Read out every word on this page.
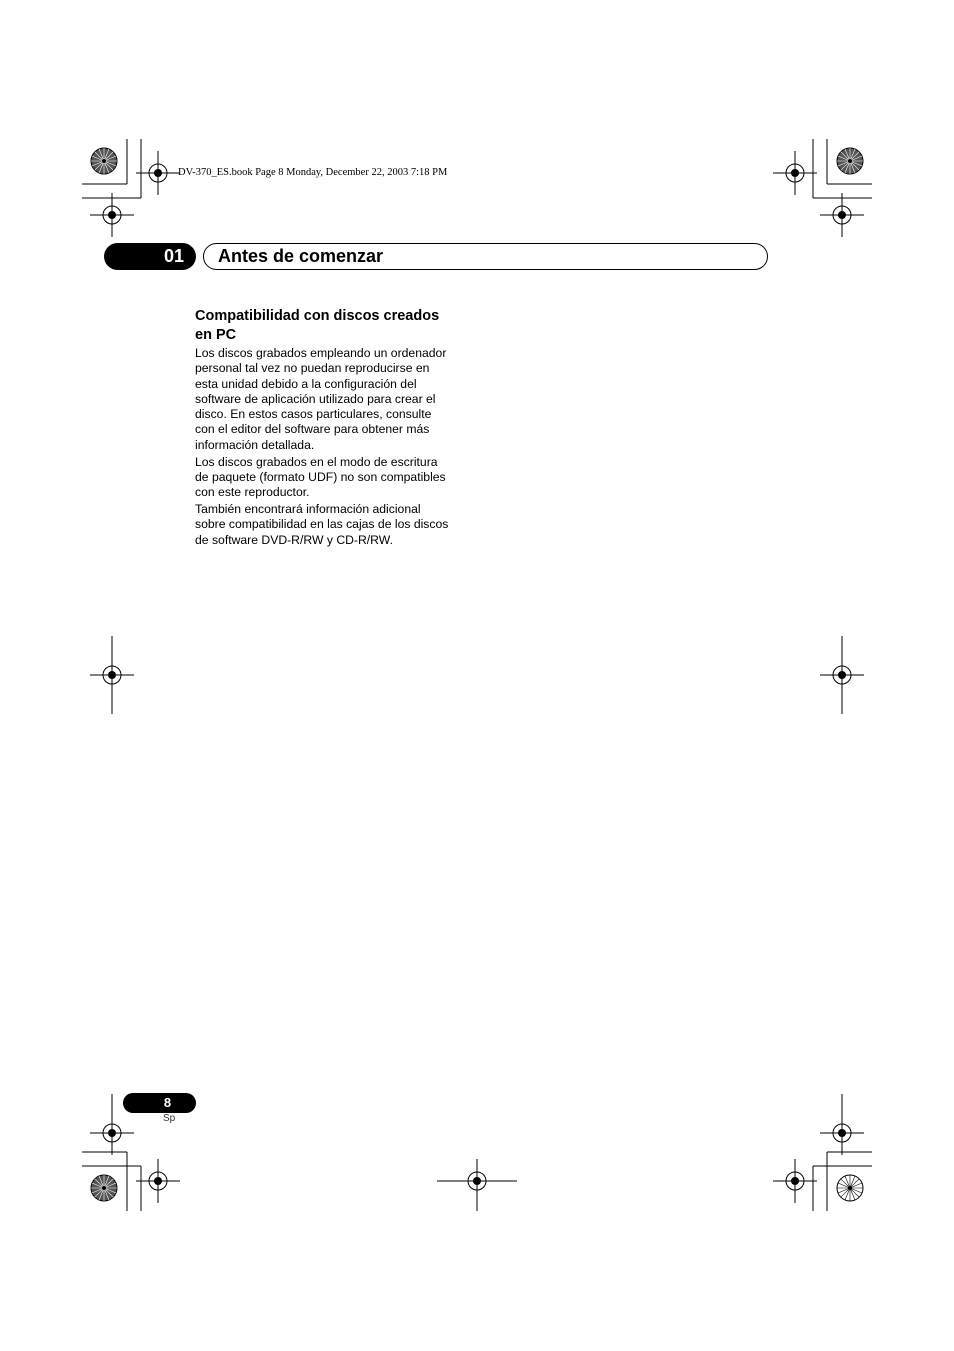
DV-370_ES.book Page 8 Monday, December 22, 2003 7:18 PM
01	Antes de comenzar
Compatibilidad con discos creados
en PC
Los discos grabados empleando un ordenador
personal tal vez no puedan reproducirse en
esta unidad debido a la configuración del
software de aplicación utilizado para crear el
disco. En estos casos particulares, consulte
con el editor del software para obtener más
información detallada.
Los discos grabados en el modo de escritura
de paquete (formato UDF) no son compatibles
con este reproductor.
También encontrará información adicional
sobre compatibilidad en las cajas de los discos
de software DVD-R/RW y CD-R/RW.
8
Sp
